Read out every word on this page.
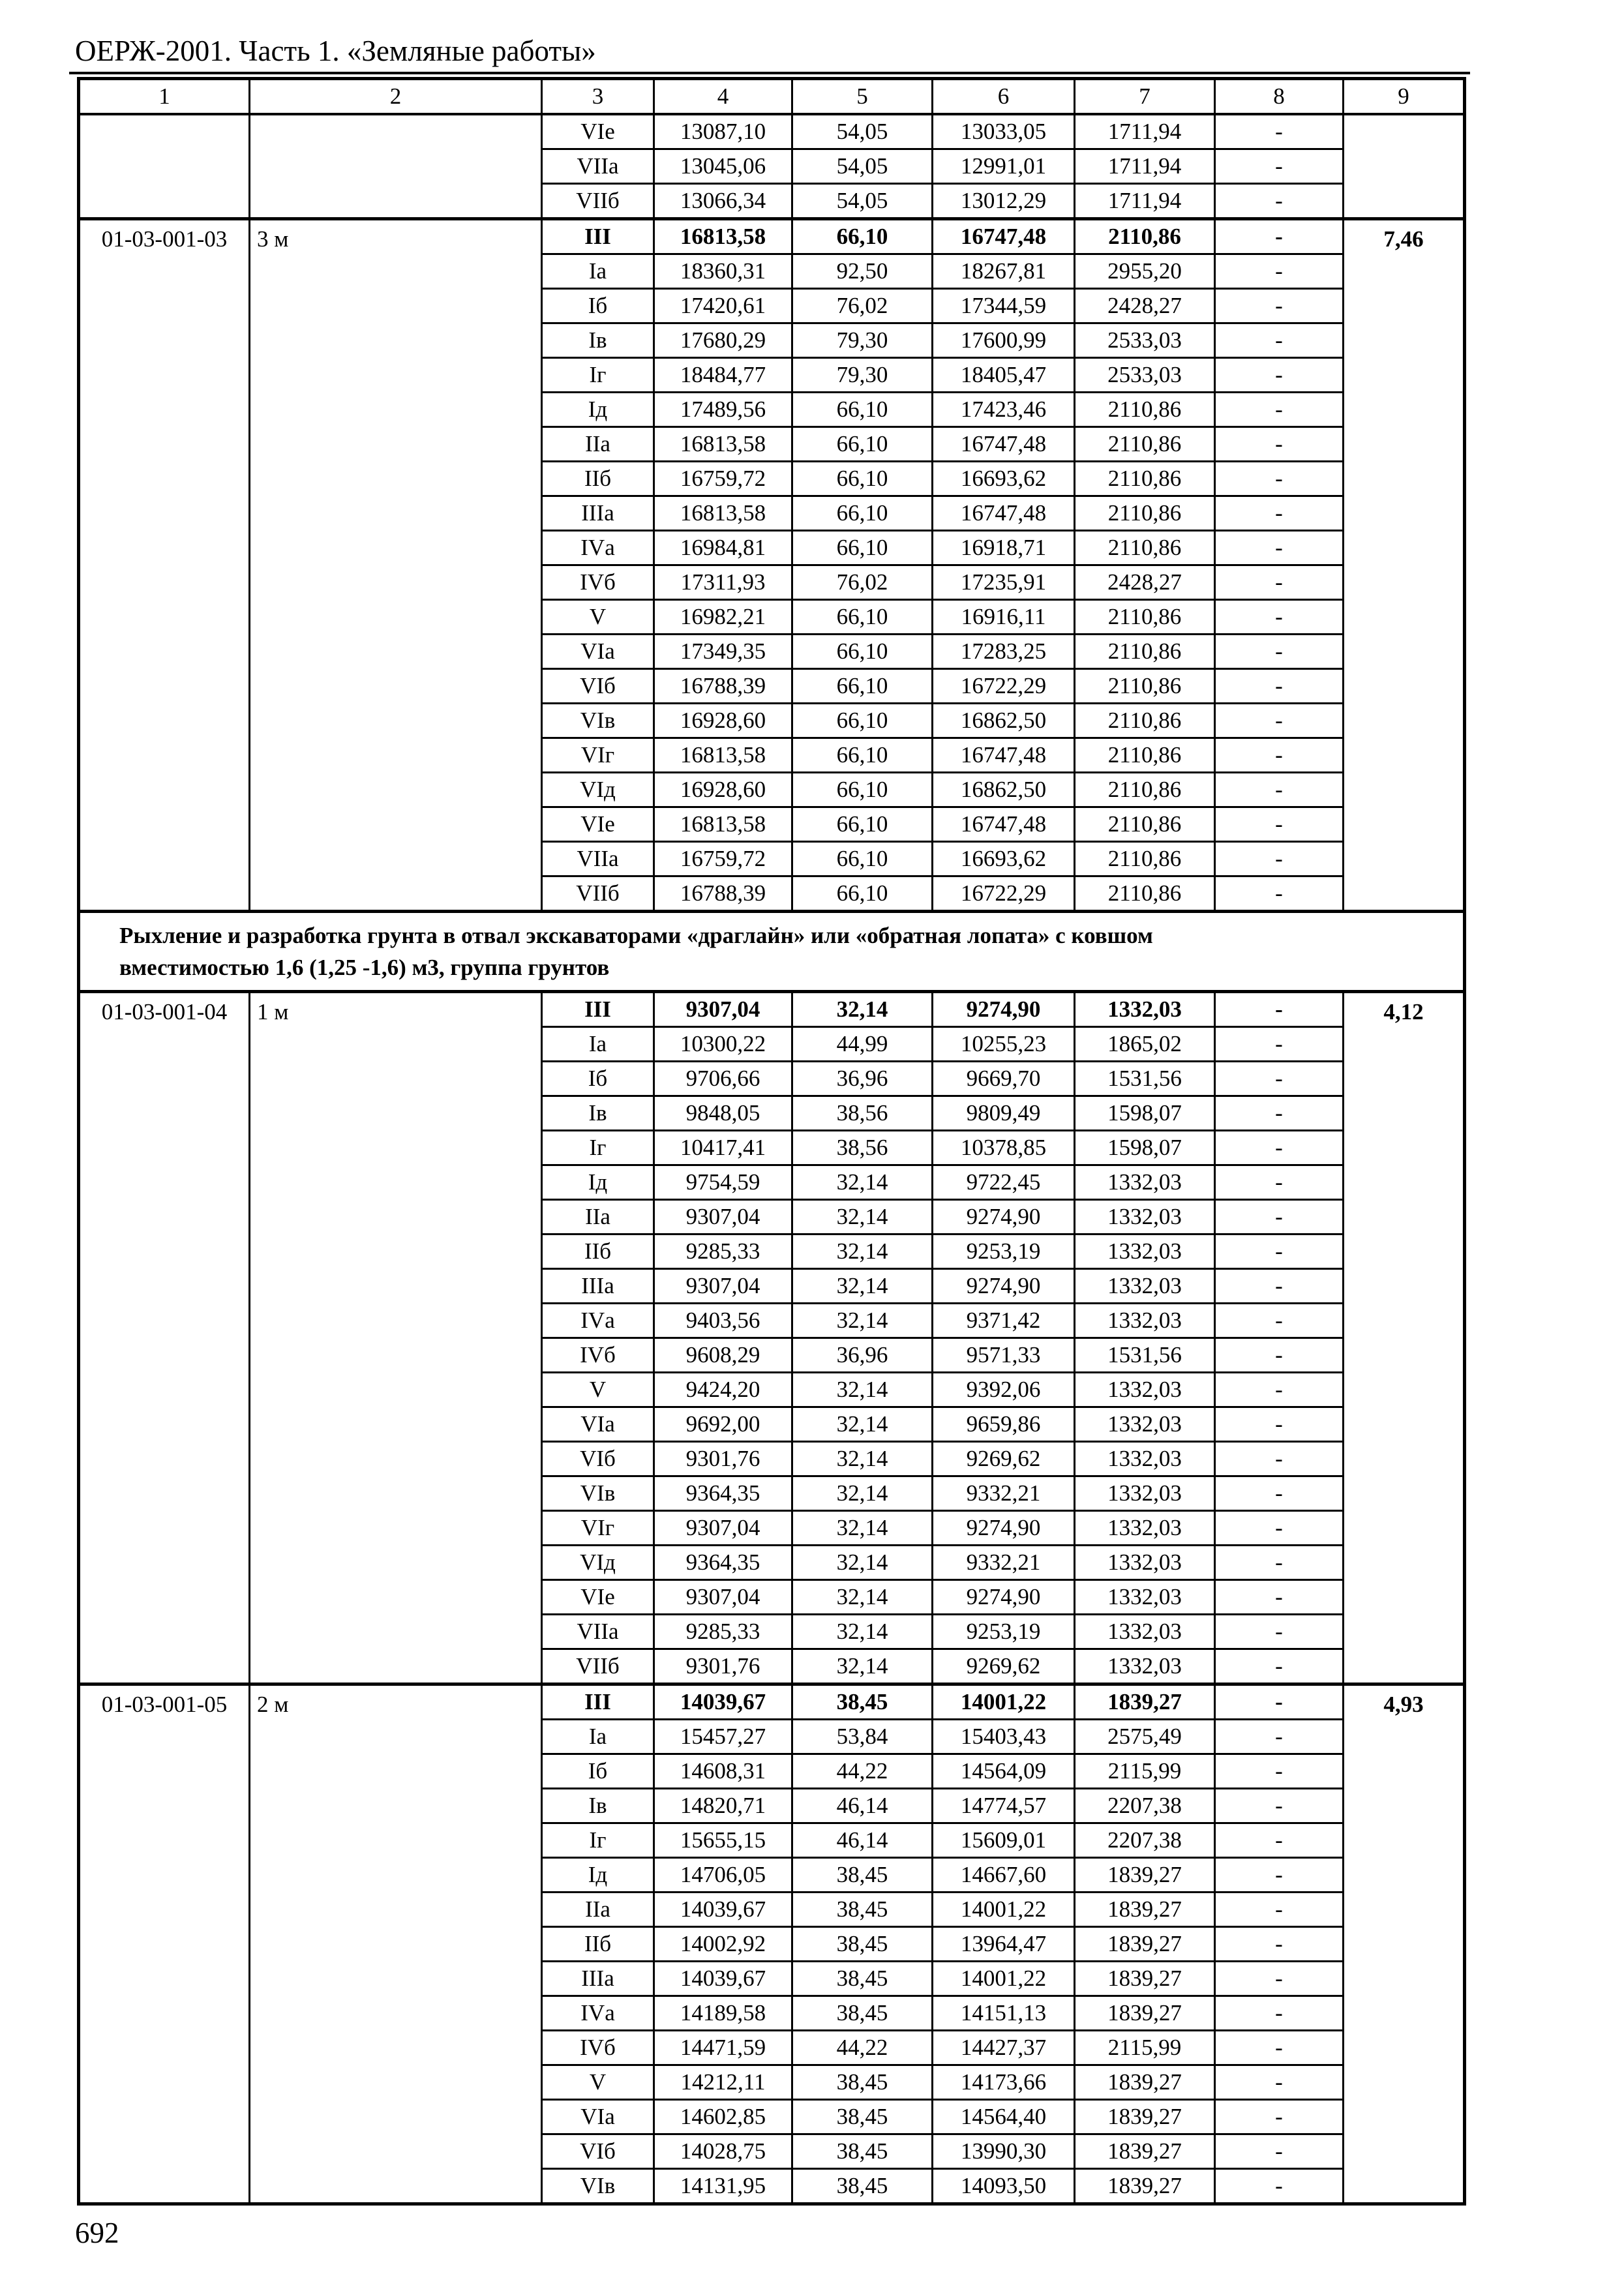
ОЕРЖ-2001. Часть 1. «Земляные работы»
1	2	3	4	5	6	7	8	9
		VIе	13087,10	54,05	13033,05	1711,94	-	
		VIIа	13045,06	54,05	12991,01	1711,94	-	
		VIIб	13066,34	54,05	13012,29	1711,94	-	
01-03-001-03	3 м	III	16813,58	66,10	16747,48	2110,86	-	7,46
		Iа	18360,31	92,50	18267,81	2955,20	-	
		Iб	17420,61	76,02	17344,59	2428,27	-	
		Iв	17680,29	79,30	17600,99	2533,03	-	
		Iг	18484,77	79,30	18405,47	2533,03	-	
		Iд	17489,56	66,10	17423,46	2110,86	-	
		IIа	16813,58	66,10	16747,48	2110,86	-	
		IIб	16759,72	66,10	16693,62	2110,86	-	
		IIIа	16813,58	66,10	16747,48	2110,86	-	
		IVа	16984,81	66,10	16918,71	2110,86	-	
		IVб	17311,93	76,02	17235,91	2428,27	-	
		V	16982,21	66,10	16916,11	2110,86	-	
		VIа	17349,35	66,10	17283,25	2110,86	-	
		VIб	16788,39	66,10	16722,29	2110,86	-	
		VIв	16928,60	66,10	16862,50	2110,86	-	
		VIг	16813,58	66,10	16747,48	2110,86	-	
		VIд	16928,60	66,10	16862,50	2110,86	-	
		VIе	16813,58	66,10	16747,48	2110,86	-	
		VIIа	16759,72	66,10	16693,62	2110,86	-	
		VIIб	16788,39	66,10	16722,29	2110,86	-	
Рыхление и разработка грунта в отвал экскаваторами «драглайн» или «обратная лопата» с ковшом вместимостью 1,6 (1,25 -1,6) м3, группа грунтов								
01-03-001-04	1 м	III	9307,04	32,14	9274,90	1332,03	-	4,12
		Iа	10300,22	44,99	10255,23	1865,02	-	
		Iб	9706,66	36,96	9669,70	1531,56	-	
		Iв	9848,05	38,56	9809,49	1598,07	-	
		Iг	10417,41	38,56	10378,85	1598,07	-	
		Iд	9754,59	32,14	9722,45	1332,03	-	
		IIа	9307,04	32,14	9274,90	1332,03	-	
		IIб	9285,33	32,14	9253,19	1332,03	-	
		IIIа	9307,04	32,14	9274,90	1332,03	-	
		IVа	9403,56	32,14	9371,42	1332,03	-	
		IVб	9608,29	36,96	9571,33	1531,56	-	
		V	9424,20	32,14	9392,06	1332,03	-	
		VIа	9692,00	32,14	9659,86	1332,03	-	
		VIб	9301,76	32,14	9269,62	1332,03	-	
		VIв	9364,35	32,14	9332,21	1332,03	-	
		VIг	9307,04	32,14	9274,90	1332,03	-	
		VIд	9364,35	32,14	9332,21	1332,03	-	
		VIе	9307,04	32,14	9274,90	1332,03	-	
		VIIа	9285,33	32,14	9253,19	1332,03	-	
		VIIб	9301,76	32,14	9269,62	1332,03	-	
01-03-001-05	2 м	III	14039,67	38,45	14001,22	1839,27	-	4,93
		Iа	15457,27	53,84	15403,43	2575,49	-	
		Iб	14608,31	44,22	14564,09	2115,99	-	
		Iв	14820,71	46,14	14774,57	2207,38	-	
		Iг	15655,15	46,14	15609,01	2207,38	-	
		Iд	14706,05	38,45	14667,60	1839,27	-	
		IIа	14039,67	38,45	14001,22	1839,27	-	
		IIб	14002,92	38,45	13964,47	1839,27	-	
		IIIа	14039,67	38,45	14001,22	1839,27	-	
		IVа	14189,58	38,45	14151,13	1839,27	-	
		IVб	14471,59	44,22	14427,37	2115,99	-	
		V	14212,11	38,45	14173,66	1839,27	-	
		VIа	14602,85	38,45	14564,40	1839,27	-	
		VIб	14028,75	38,45	13990,30	1839,27	-	
		VIв	14131,95	38,45	14093,50	1839,27	-	
692
